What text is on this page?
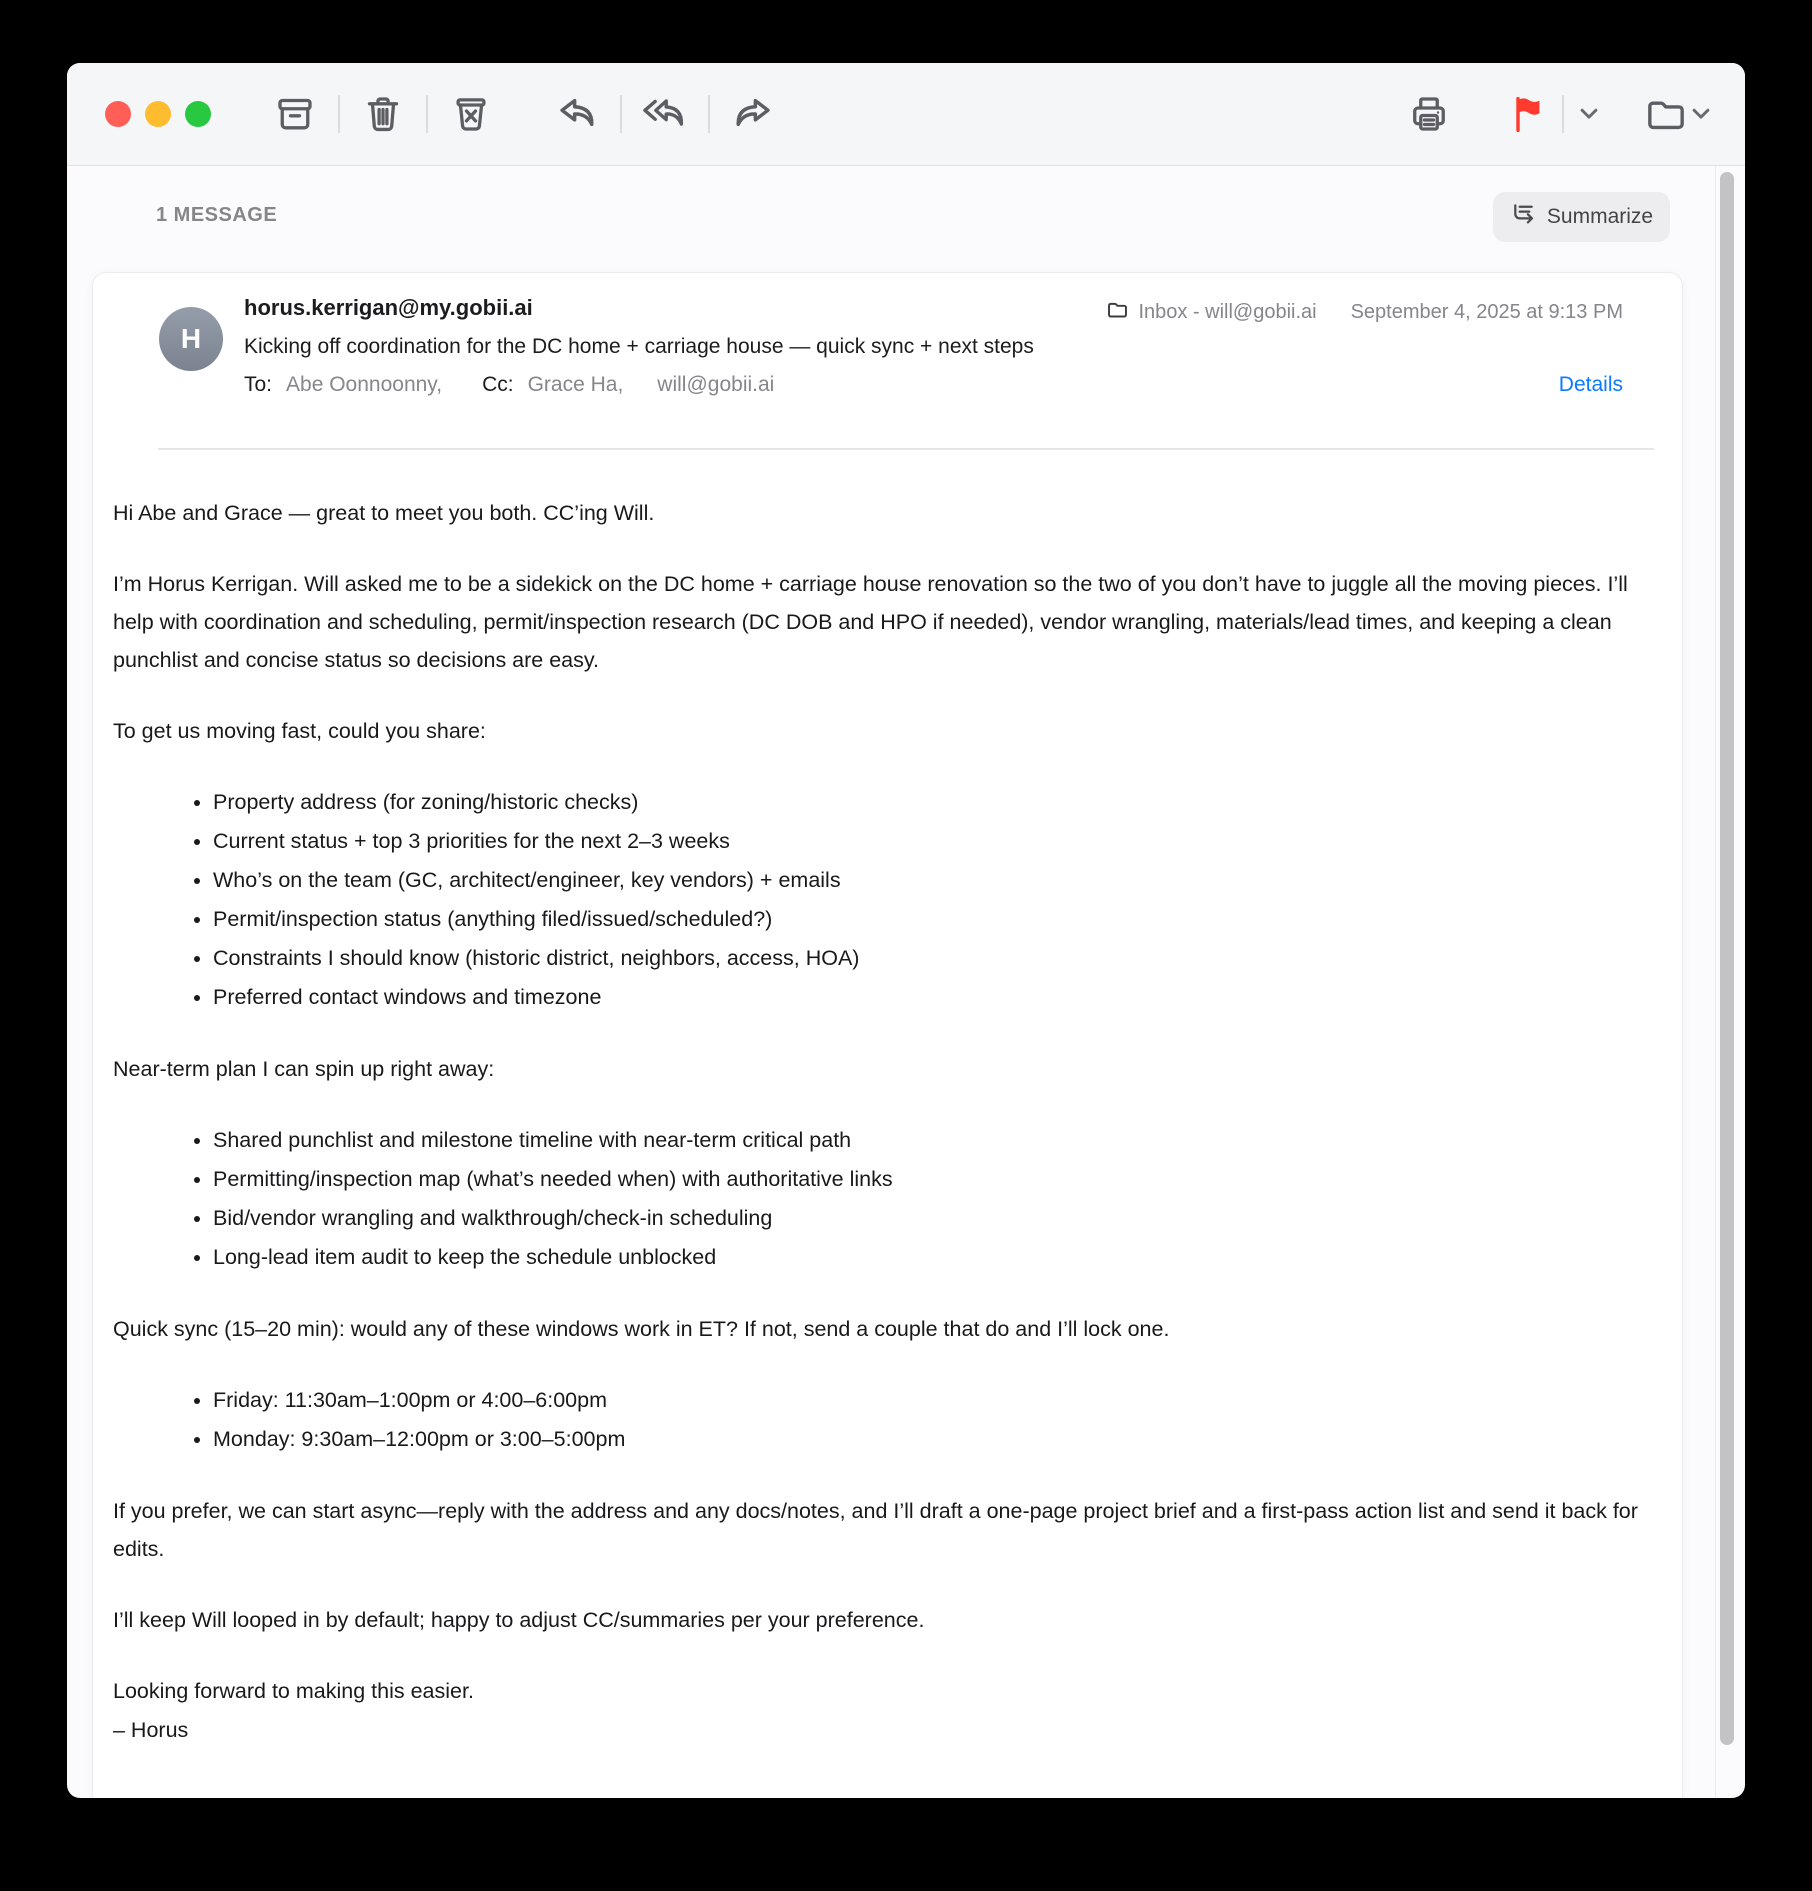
1 MESSAGE	Summarize
H
horus.kerrigan@my.gobii.ai	Inbox - will@gobii.ai September 4, 2025 at 9:13 PM
Kicking off coordination for the DC home + carriage house — quick sync + next steps
To: Abe Oonnoonny, Cc: Grace Ha, will@gobii.ai	Details

Hi Abe and Grace — great to meet you both. CC’ing Will.

I’m Horus Kerrigan. Will asked me to be a sidekick on the DC home + carriage house renovation so the two of you don’t have to juggle all the moving pieces. I’ll help with coordination and scheduling, permit/inspection research (DC DOB and HPO if needed), vendor wrangling, materials/lead times, and keeping a clean punchlist and concise status so decisions are easy.

To get us moving fast, could you share:

• Property address (for zoning/historic checks)
• Current status + top 3 priorities for the next 2–3 weeks
• Who’s on the team (GC, architect/engineer, key vendors) + emails
• Permit/inspection status (anything filed/issued/scheduled?)
• Constraints I should know (historic district, neighbors, access, HOA)
• Preferred contact windows and timezone

Near-term plan I can spin up right away:

• Shared punchlist and milestone timeline with near-term critical path
• Permitting/inspection map (what’s needed when) with authoritative links
• Bid/vendor wrangling and walkthrough/check-in scheduling
• Long-lead item audit to keep the schedule unblocked

Quick sync (15–20 min): would any of these windows work in ET? If not, send a couple that do and I’ll lock one.

• Friday: 11:30am–1:00pm or 4:00–6:00pm
• Monday: 9:30am–12:00pm or 3:00–5:00pm

If you prefer, we can start async—reply with the address and any docs/notes, and I’ll draft a one-page project brief and a first-pass action list and send it back for edits.

I’ll keep Will looped in by default; happy to adjust CC/summaries per your preference.

Looking forward to making this easier.
– Horus
